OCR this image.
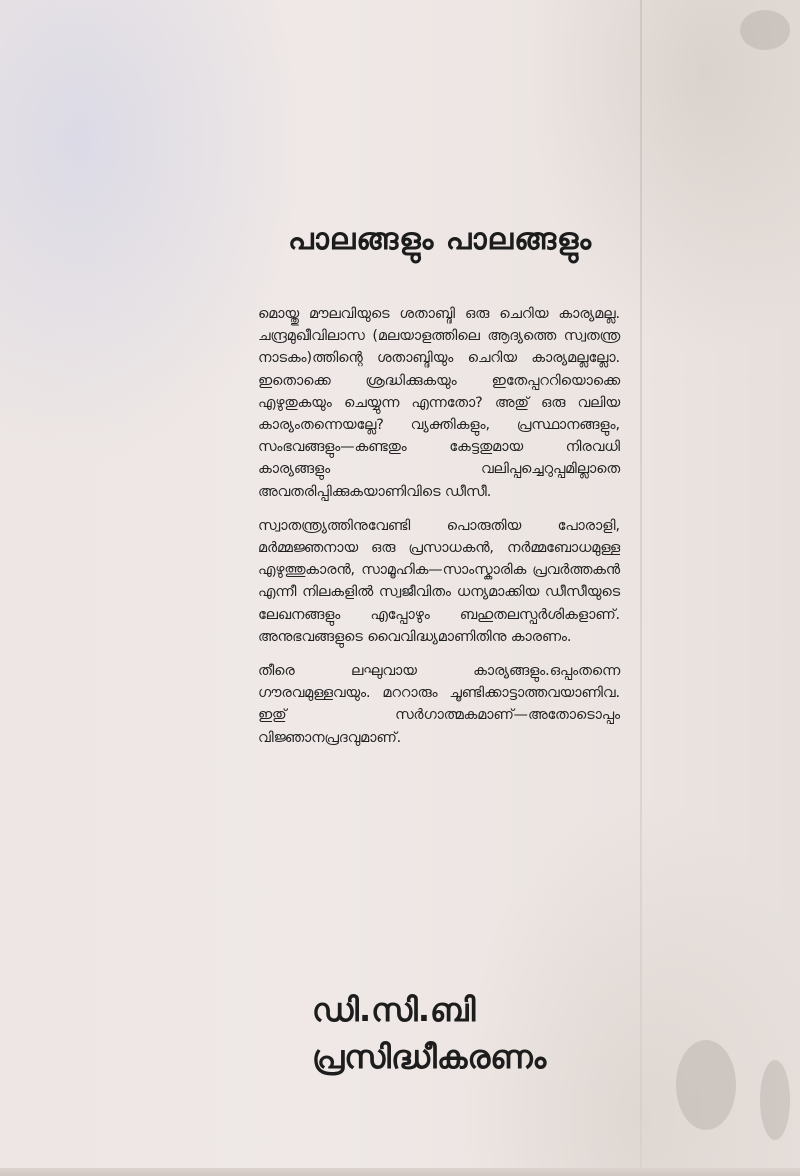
പാലങ്ങളും പാലങ്ങളും

മൊയ്തു മൗലവിയുടെ ശതാബ്ദി ഒരു ചെറിയ കാര്യമല്ല. ചന്ദ്രമുഖീവിലാസ (മലയാളത്തിലെ ആദ്യത്തെ സ്വതന്ത്ര നാടകം)ത്തിന്റെ ശതാബ്ദിയും ചെറിയ കാര്യമല്ലല്ലോ. ഇതൊക്കെ ശ്രദ്ധിക്കുകയും ഇതേപ്പററിയൊക്കെ എഴുതുകയും ചെയ്യുന്ന എന്നതോ? അതു് ഒരു വലിയ കാര്യംതന്നെയല്ലേ? വ്യക്തികളും, പ്രസ്ഥാനങ്ങളും, സംഭവങ്ങളും—കണ്ടതും കേട്ടതുമായ നിരവധി കാര്യങ്ങളും വലിപ്പച്ചെറുപ്പമില്ലാതെ അവതരിപ്പിക്കുകയാണിവിടെ ഡീസീ.

സ്വാതന്ത്ര്യത്തിനുവേണ്ടി പൊരുതിയ പോരാളി, മർമ്മജ്ഞനായ ഒരു പ്രസാധകൻ, നർമ്മബോധമുള്ള എഴുത്തുകാരൻ, സാമൂഹിക—സാംസ്കാരിക പ്രവർത്തകൻ എന്നീ നിലകളിൽ സ്വജീവിതം ധന്യമാക്കിയ ഡീസീയുടെ ലേഖനങ്ങളും എപ്പോഴും ബഹുതലസ്പർശികളാണ്. അനുഭവങ്ങളുടെ വൈവിദ്ധ്യമാണിതിനു കാരണം.

തീരെ ലഘുവായ കാര്യങ്ങളും.ഒപ്പംതന്നെ ഗൗരവമുള്ളവയും. മററാരും ചൂണ്ടിക്കാട്ടാത്തവയാണിവ. ഇതു് സർഗാത്മകമാണ്—അതോടൊപ്പം വിജ്ഞാനപ്രദവുമാണ്.

ഡി.സി.ബി
പ്രസിദ്ധീകരണം
